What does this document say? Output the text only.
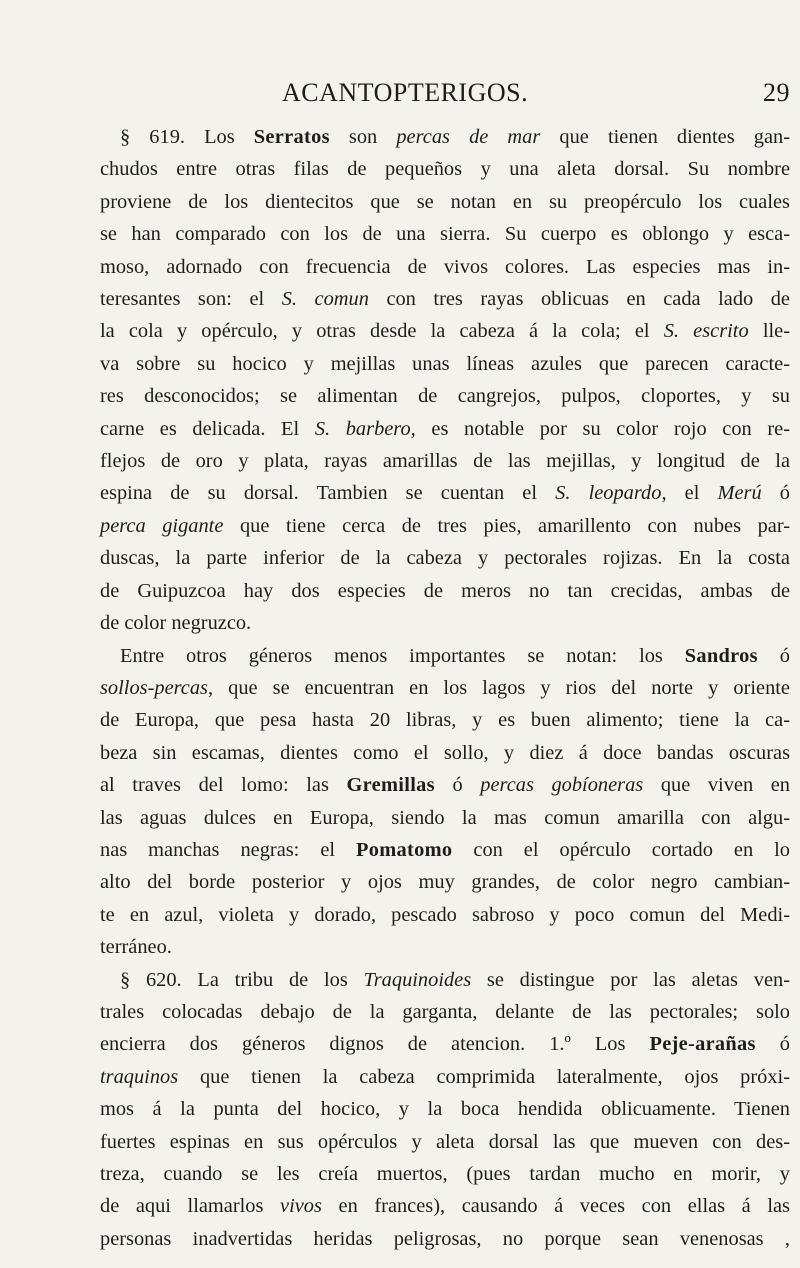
ACANTOPTERIGOS.	29
§ 619. Los Serratos son percas de mar que tienen dientes gan-
chudos entre otras filas de pequeños y una aleta dorsal. Su nombre
proviene de los dientecitos que se notan en su preopérculo los cuales
se han comparado con los de una sierra. Su cuerpo es oblongo y esca-
moso, adornado con frecuencia de vivos colores. Las especies mas in-
teresantes son: el S. comun con tres rayas oblicuas en cada lado de
la cola y opérculo, y otras desde la cabeza á la cola; el S. escrito lle-
va sobre su hocico y mejillas unas líneas azules que parecen caracte-
res desconocidos; se alimentan de cangrejos, pulpos, cloportes, y su
carne es delicada. El S. barbero, es notable por su color rojo con re-
flejos de oro y plata, rayas amarillas de las mejillas, y longitud de la
espina de su dorsal. Tambien se cuentan el S. leopardo, el Merú ó
perca gigante que tiene cerca de tres pies, amarillento con nubes par-
duscas, la parte inferior de la cabeza y pectorales rojizas. En la costa
de Guipuzcoa hay dos especies de meros no tan crecidas, ambas de
de color negruzco.
Entre otros géneros menos importantes se notan: los Sandros ó
sollos-percas, que se encuentran en los lagos y rios del norte y oriente
de Europa, que pesa hasta 20 libras, y es buen alimento; tiene la ca-
beza sin escamas, dientes como el sollo, y diez á doce bandas oscuras
al traves del lomo: las Gremillas ó percas gobíoneras que viven en
las aguas dulces en Europa, siendo la mas comun amarilla con algu-
nas manchas negras: el Pomatomo con el opérculo cortado en lo
alto del borde posterior y ojos muy grandes, de color negro cambian-
te en azul, violeta y dorado, pescado sabroso y poco comun del Medi-
terráneo.
§ 620. La tribu de los Traquinoides se distingue por las aletas ven-
trales colocadas debajo de la garganta, delante de las pectorales; solo
encierra dos géneros dignos de atencion. 1.º Los Peje-arañas ó
traquinos que tienen la cabeza comprimida lateralmente, ojos próxi-
mos á la punta del hocico, y la boca hendida oblicuamente. Tienen
fuertes espinas en sus opérculos y aleta dorsal las que mueven con des-
treza, cuando se les creía muertos, (pues tardan mucho en morir, y
de aqui llamarlos vivos en frances), causando á veces con ellas á las
personas inadvertidas heridas peligrosas, no porque sean venenosas ,
